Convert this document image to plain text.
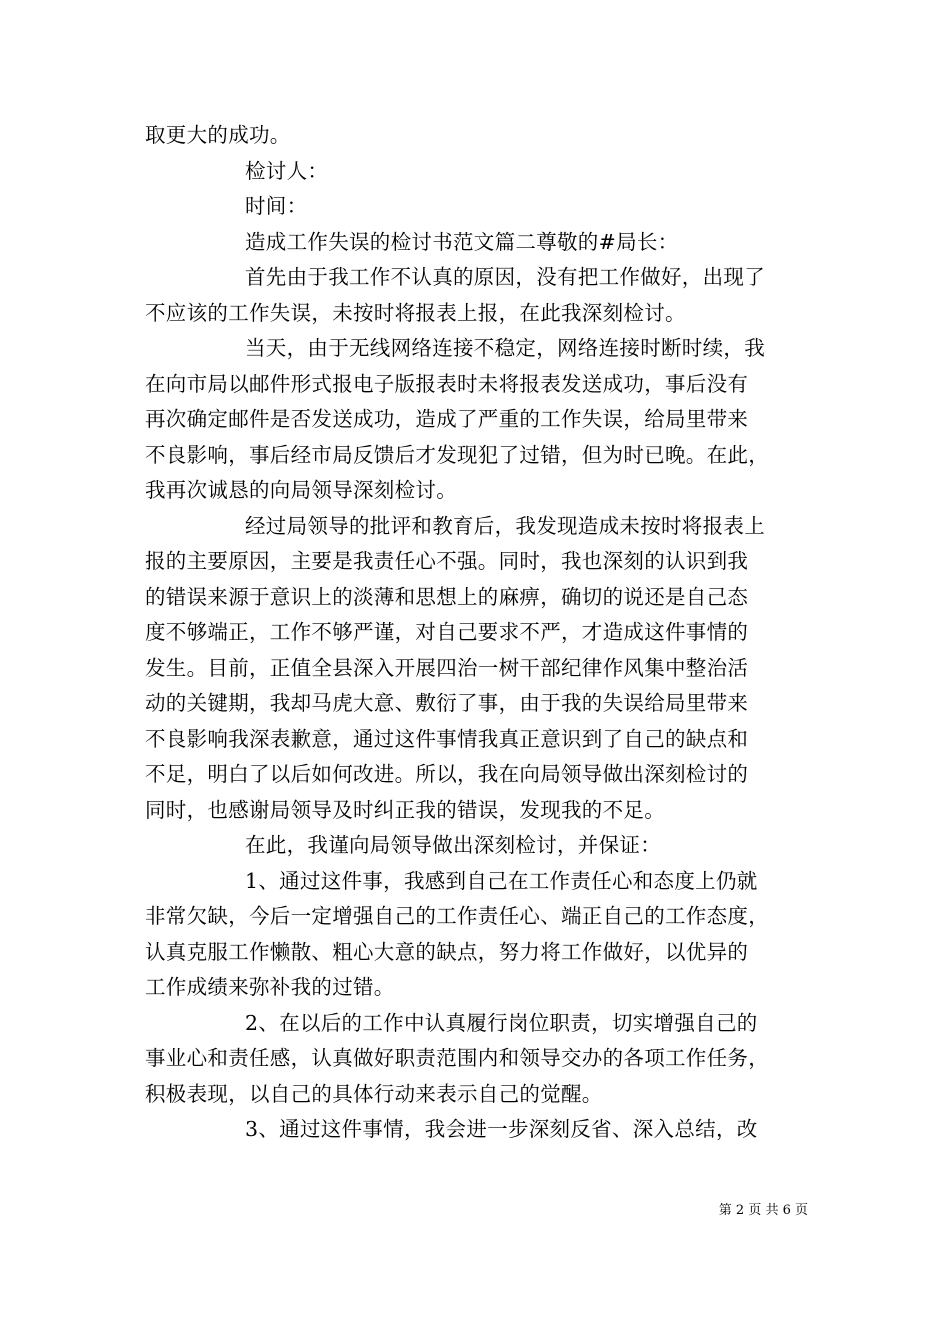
取更大的成功。
检讨人：
时间：
造成工作失误的检讨书范文篇二尊敬的#局长：
首先由于我工作不认真的原因，没有把工作做好，出现了
不应该的工作失误，未按时将报表上报，在此我深刻检讨。
当天，由于无线网络连接不稳定，网络连接时断时续，我
在向市局以邮件形式报电子版报表时未将报表发送成功，事后没有
再次确定邮件是否发送成功，造成了严重的工作失误，给局里带来
不良影响，事后经市局反馈后才发现犯了过错，但为时已晚。在此，
我再次诚恳的向局领导深刻检讨。
经过局领导的批评和教育后，我发现造成未按时将报表上
报的主要原因，主要是我责任心不强。同时，我也深刻的认识到我
的错误来源于意识上的淡薄和思想上的麻痹，确切的说还是自己态
度不够端正，工作不够严谨，对自己要求不严，才造成这件事情的
发生。目前，正值全县深入开展四治一树干部纪律作风集中整治活
动的关键期，我却马虎大意、敷衍了事，由于我的失误给局里带来
不良影响我深表歉意，通过这件事情我真正意识到了自己的缺点和
不足，明白了以后如何改进。所以，我在向局领导做出深刻检讨的
同时，也感谢局领导及时纠正我的错误，发现我的不足。
在此，我谨向局领导做出深刻检讨，并保证：
1、通过这件事，我感到自己在工作责任心和态度上仍就
非常欠缺，今后一定增强自己的工作责任心、端正自己的工作态度，
认真克服工作懒散、粗心大意的缺点，努力将工作做好，以优异的
工作成绩来弥补我的过错。
2、在以后的工作中认真履行岗位职责，切实增强自己的
事业心和责任感，认真做好职责范围内和领导交办的各项工作任务，
积极表现，以自己的具体行动来表示自己的觉醒。
3、通过这件事情，我会进一步深刻反省、深入总结，改
第 2 页 共 6 页
